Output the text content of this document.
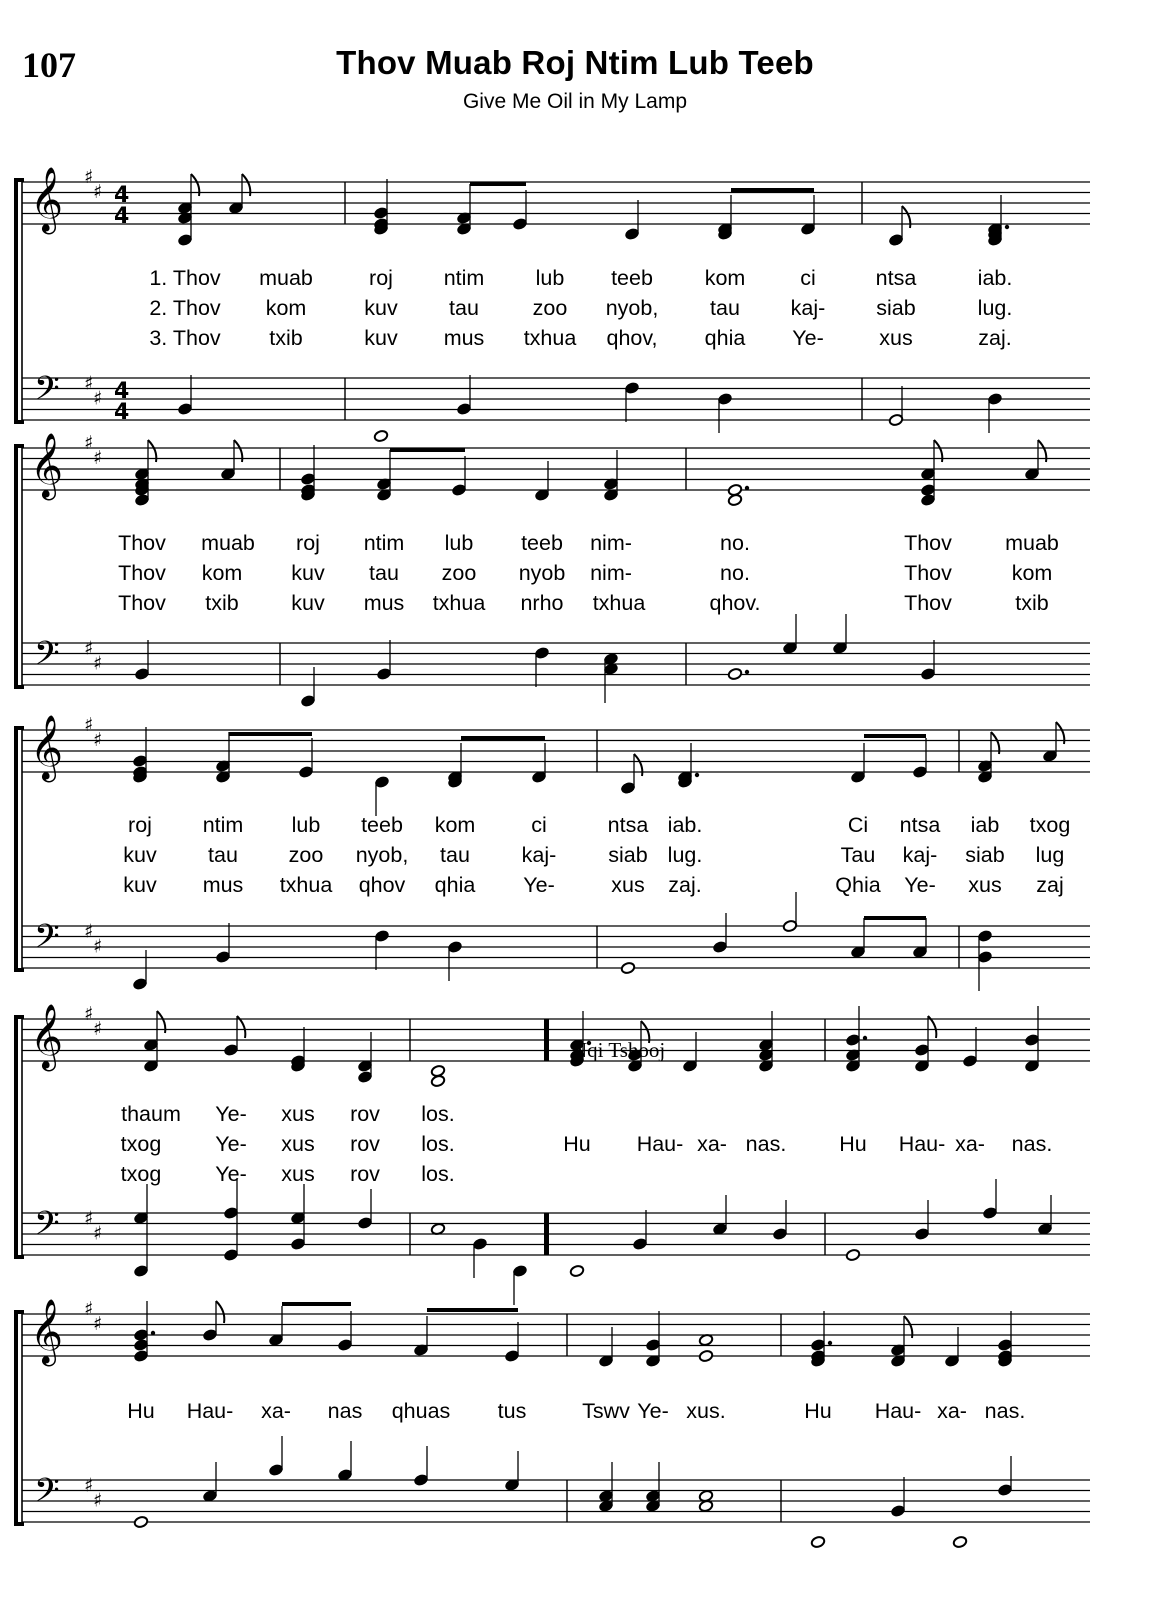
107	Thov Muab Roj Ntim Lub Teeb
Give Me Oil in My Lamp
𝄞
𝄢
♯
♯
♯
♯
4
4
4
4
𝄞
𝄢
♯
♯
♯
♯
𝄞
𝄢
♯
♯
♯
♯
𝄞
𝄢
♯
♯
♯
♯
𝄞
𝄢
♯
♯
♯
♯
1. Thov muab	roj ntim lub teeb kom	ci	ntsa	iab.
2. Thov kom	kuv tau zoo nyob, tau kaj- siab	lug.
3. Thov txib	kuv mus txhua qhov, qhia Ye-	xus	zaj.
Thov muab roj ntim lub teeb nim-	no.	Thov muab
Thov kom kuv tau zoo nyob nim-	no.	Thov	kom
Thov txib kuv mus txhua nrho txhua	qhov.	Thov	txib
roj ntim lub teeb kom	ci	ntsa iab.	Ci ntsa iab txog
kuv tau zoo nyob, tau kaj- siab lug.	Tau kaj- siab lug
kuv mus txhua qhov qhia Ye-	xus zaj.	Qhia Ye- xus zaj
thaum Ye- xus rov los.
txog	Ye- xus rov los.	Hu Hau- xa- nas. Hu Hau- xa- nas.
txog	Ye- xus rov los.
Hu Hau- xa- nas qhuas tus	Tswv Ye- xus.	Hu Hau- xa- nas.
Nqi Tshooj
